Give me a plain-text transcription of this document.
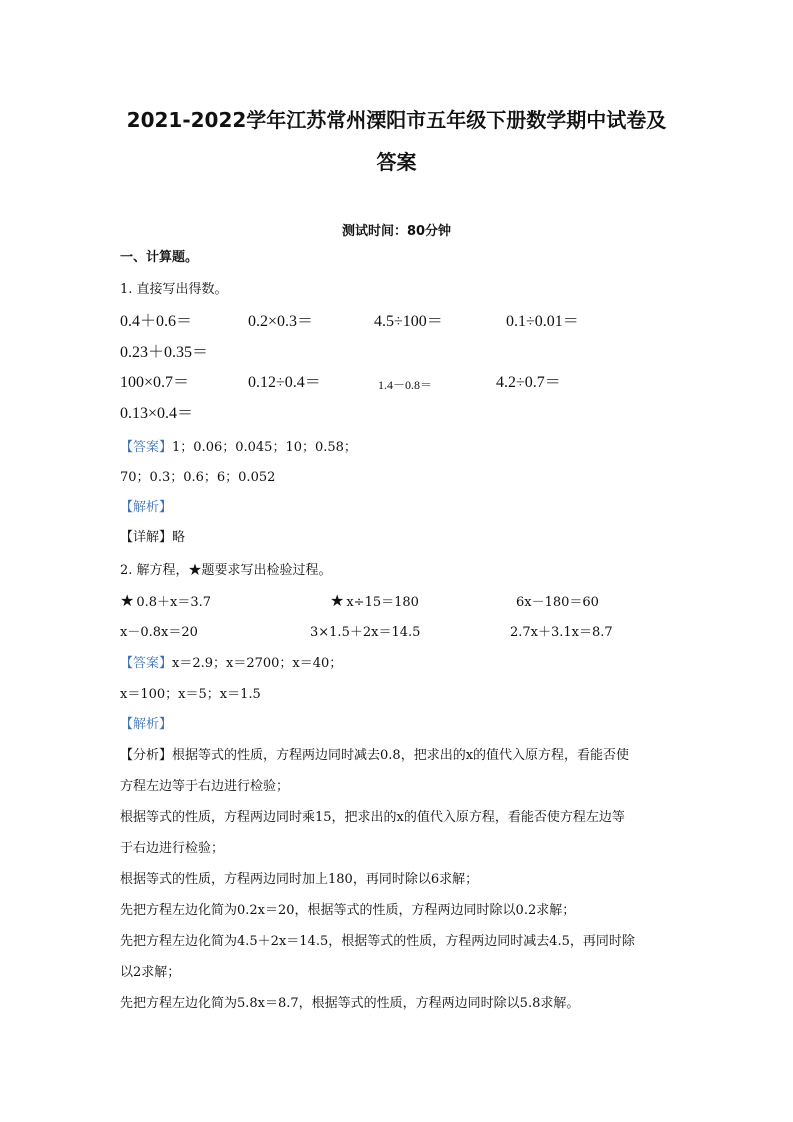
2021-2022学年江苏常州溧阳市五年级下册数学期中试卷及
答案
测试时间：80分钟
一、计算题。
1. 直接写出得数。
0.4＋0.6＝	0.2×0.3＝	4.5÷100＝	0.1÷0.01＝
0.23＋0.35＝
100×0.7＝	0.12÷0.4＝	1.4－0.8＝	4.2÷0.7＝
0.13×0.4＝
【答案】1；0.06；0.045；10；0.58；
70；0.3；0.6；6；0.052
【解析】
【详解】略
2. 解方程，★题要求写出检验过程。
★ 0.8＋x＝3.7	★ x÷15＝180	6x－180＝60
x－0.8x＝20	3×1.5＋2x＝14.5	2.7x＋3.1x＝8.7
【答案】x＝2.9；x＝2700；x＝40；
x＝100；x＝5；x＝1.5
【解析】
【分析】根据等式的性质，方程两边同时减去0.8，把求出的x的值代入原方程，看能否使
方程左边等于右边进行检验；
根据等式的性质，方程两边同时乘15，把求出的x的值代入原方程，看能否使方程左边等
于右边进行检验；
根据等式的性质，方程两边同时加上180，再同时除以6求解；
先把方程左边化简为0.2x＝20，根据等式的性质，方程两边同时除以0.2求解；
先把方程左边化简为4.5＋2x＝14.5，根据等式的性质，方程两边同时减去4.5，再同时除
以2求解；
先把方程左边化简为5.8x＝8.7，根据等式的性质，方程两边同时除以5.8求解。
